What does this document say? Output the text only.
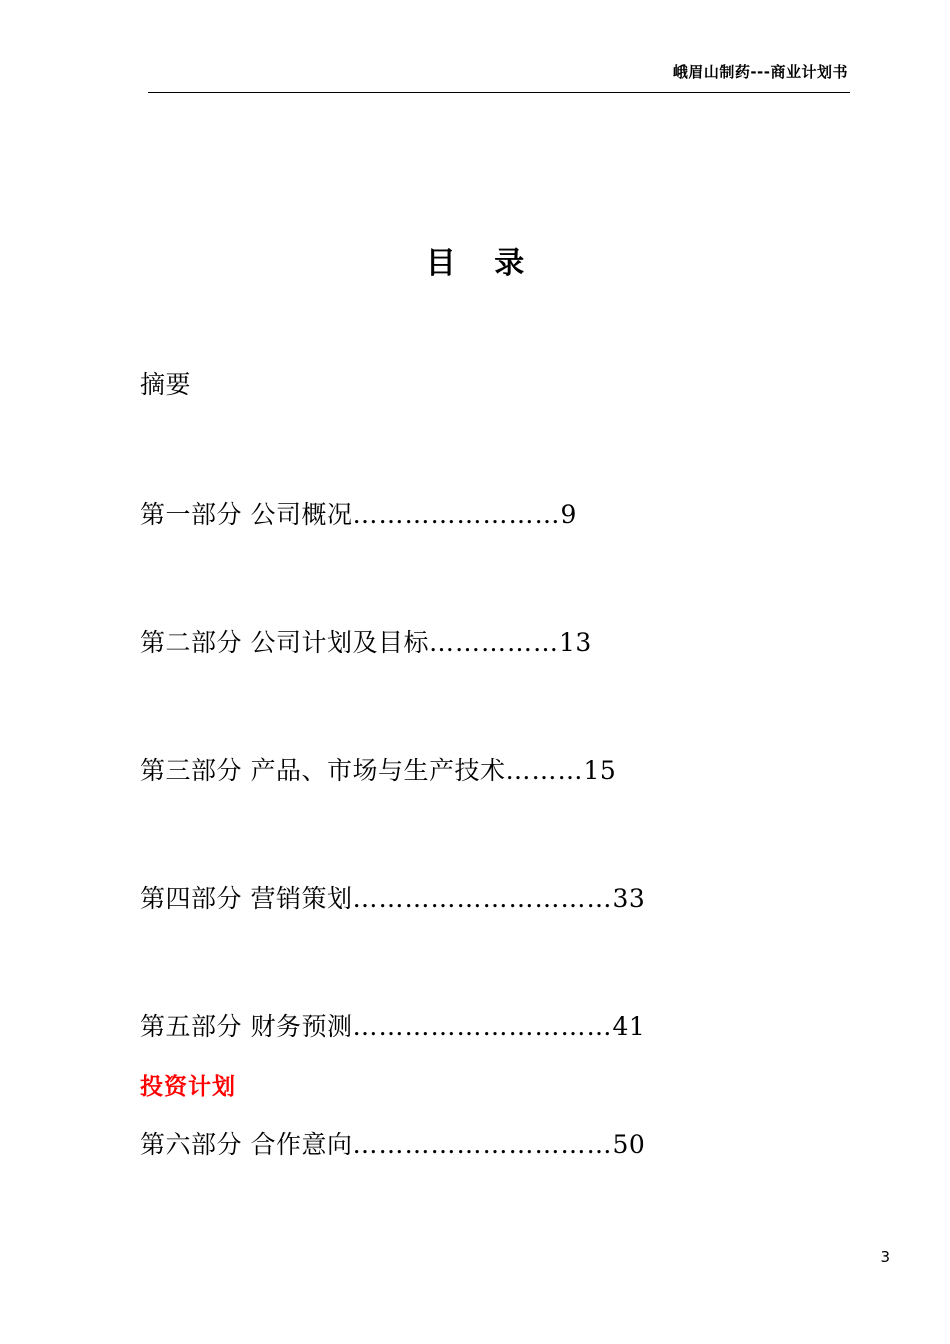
峨眉山制药---商业计划书
目 录
摘要
第一部分 公司概况……………………9
第二部分 公司计划及目标……………13
第三部分 产品、市场与生产技术………15
第四部分 营销策划…………………………33
第五部分 财务预测…………………………41
投资计划
第六部分 合作意向…………………………50
3
